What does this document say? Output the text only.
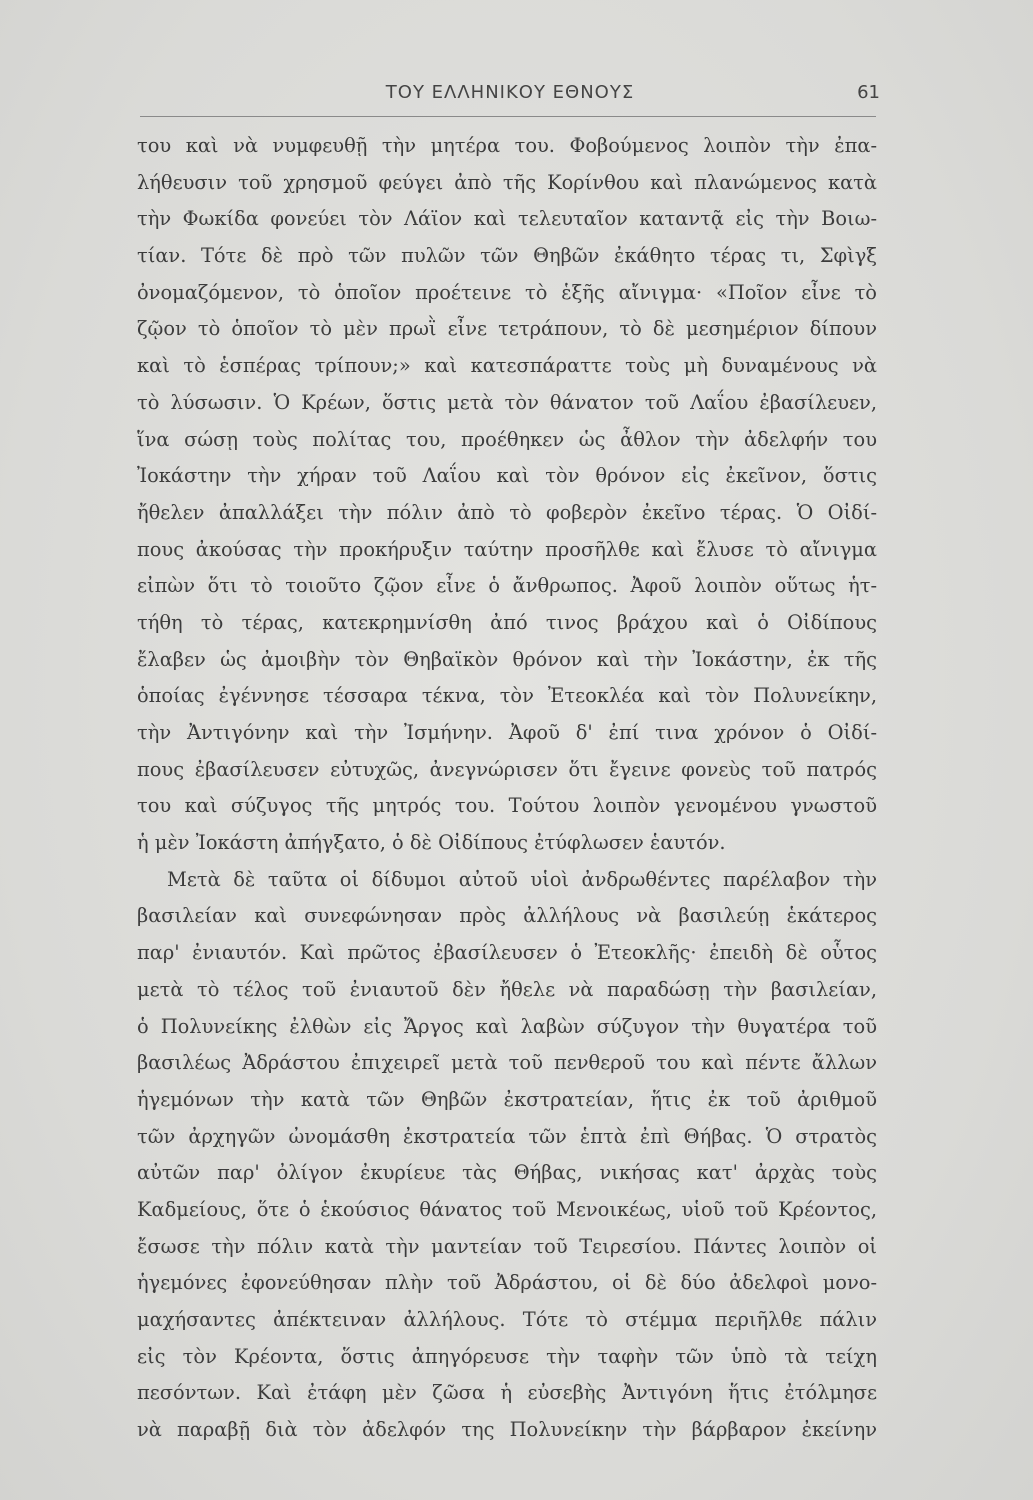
ΤΟΥ ΕΛΛΗΝΙΚΟΥ ΕΘΝΟΥΣ	61
του καὶ νὰ νυμφευθῇ τὴν μητέρα του. Φοβούμενος λοιπὸν τὴν ἐπα-
λήθευσιν τοῦ χρησμοῦ φεύγει ἀπὸ τῆς Κορίνθου καὶ πλανώμενος κατὰ
τὴν Φωκίδα φονεύει τὸν Λάϊον καὶ τελευταῖον καταντᾷ εἰς τὴν Βοιω-
τίαν. Τότε δὲ πρὸ τῶν πυλῶν τῶν Θηβῶν ἐκάθητο τέρας τι, Σφὶγξ
ὀνομαζόμενον, τὸ ὁποῖον προέτεινε τὸ ἑξῆς αἴνιγμα· «Ποῖον εἶνε τὸ
ζῷον τὸ ὁποῖον τὸ μὲν πρωῒ εἶνε τετράπουν, τὸ δὲ μεσημέριον δίπουν
καὶ τὸ ἑσπέρας τρίπουν;» καὶ κατεσπάραττε τοὺς μὴ δυναμένους νὰ
τὸ λύσωσιν. Ὁ Κρέων, ὅστις μετὰ τὸν θάνατον τοῦ Λαΐου ἐβασίλευεν,
ἵνα σώσῃ τοὺς πολίτας του, προέθηκεν ὡς ἆθλον τὴν ἀδελφήν του
Ἰοκάστην τὴν χήραν τοῦ Λαΐου καὶ τὸν θρόνον εἰς ἐκεῖνον, ὅστις
ἤθελεν ἀπαλλάξει τὴν πόλιν ἀπὸ τὸ φοβερὸν ἐκεῖνο τέρας. Ὁ Οἰδί-
πους ἀκούσας τὴν προκήρυξιν ταύτην προσῆλθε καὶ ἔλυσε τὸ αἴνιγμα
εἰπὼν ὅτι τὸ τοιοῦτο ζῷον εἶνε ὁ ἄνθρωπος. Ἀφοῦ λοιπὸν οὕτως ἡτ-
τήθη τὸ τέρας, κατεκρημνίσθη ἀπό τινος βράχου καὶ ὁ Οἰδίπους
ἔλαβεν ὡς ἀμοιβὴν τὸν Θηβαϊκὸν θρόνον καὶ τὴν Ἰοκάστην, ἐκ τῆς
ὁποίας ἐγέννησε τέσσαρα τέκνα, τὸν Ἐτεοκλέα καὶ τὸν Πολυνείκην,
τὴν Ἀντιγόνην καὶ τὴν Ἰσμήνην. Ἀφοῦ δ' ἐπί τινα χρόνον ὁ Οἰδί-
πους ἐβασίλευσεν εὐτυχῶς, ἀνεγνώρισεν ὅτι ἔγεινε φονεὺς τοῦ πατρός
του καὶ σύζυγος τῆς μητρός του. Τούτου λοιπὸν γενομένου γνωστοῦ
ἡ μὲν Ἰοκάστη ἀπήγξατο, ὁ δὲ Οἰδίπους ἐτύφλωσεν ἑαυτόν.
Μετὰ δὲ ταῦτα οἱ δίδυμοι αὐτοῦ υἱοὶ ἀνδρωθέντες παρέλαβον τὴν
βασιλείαν καὶ συνεφώνησαν πρὸς ἀλλήλους νὰ βασιλεύῃ ἑκάτερος
παρ' ἐνιαυτόν. Καὶ πρῶτος ἐβασίλευσεν ὁ Ἐτεοκλῆς· ἐπειδὴ δὲ οὗτος
μετὰ τὸ τέλος τοῦ ἐνιαυτοῦ δὲν ἤθελε νὰ παραδώσῃ τὴν βασιλείαν,
ὁ Πολυνείκης ἐλθὼν εἰς Ἄργος καὶ λαβὼν σύζυγον τὴν θυγατέρα τοῦ
βασιλέως Ἀδράστου ἐπιχειρεῖ μετὰ τοῦ πενθεροῦ του καὶ πέντε ἄλλων
ἡγεμόνων τὴν κατὰ τῶν Θηβῶν ἐκστρατείαν, ἥτις ἐκ τοῦ ἀριθμοῦ
τῶν ἀρχηγῶν ὠνομάσθη ἐκστρατεία τῶν ἑπτὰ ἐπὶ Θήβας. Ὁ στρατὸς
αὐτῶν παρ' ὀλίγον ἐκυρίευε τὰς Θήβας, νικήσας κατ' ἀρχὰς τοὺς
Καδμείους, ὅτε ὁ ἑκούσιος θάνατος τοῦ Μενοικέως, υἱοῦ τοῦ Κρέοντος,
ἔσωσε τὴν πόλιν κατὰ τὴν μαντείαν τοῦ Τειρεσίου. Πάντες λοιπὸν οἱ
ἡγεμόνες ἐφονεύθησαν πλὴν τοῦ Ἀδράστου, οἱ δὲ δύο ἀδελφοὶ μονο-
μαχήσαντες ἀπέκτειναν ἀλλήλους. Τότε τὸ στέμμα περιῆλθε πάλιν
εἰς τὸν Κρέοντα, ὅστις ἀπηγόρευσε τὴν ταφὴν τῶν ὑπὸ τὰ τείχη
πεσόντων. Καὶ ἐτάφη μὲν ζῶσα ἡ εὐσεβὴς Ἀντιγόνη ἥτις ἐτόλμησε
νὰ παραβῇ διὰ τὸν ἀδελφόν της Πολυνείκην τὴν βάρβαρον ἐκείνην
